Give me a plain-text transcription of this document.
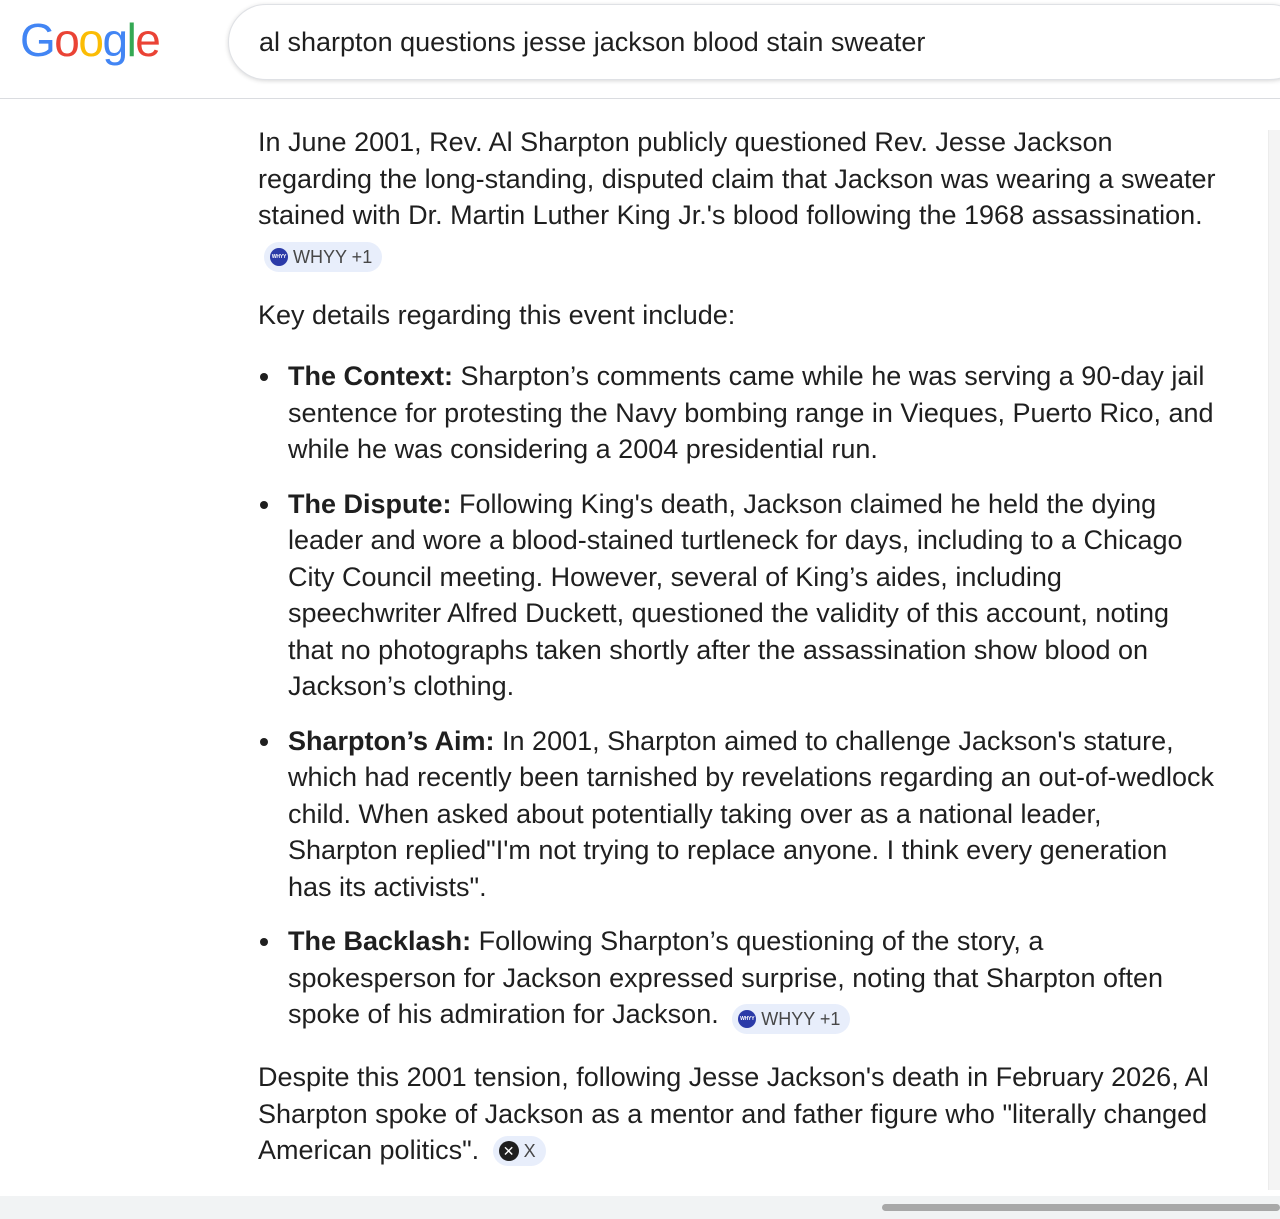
Google
al sharpton questions jesse jackson blood stain sweater

In June 2001, Rev. Al Sharpton publicly questioned Rev. Jesse Jackson regarding the long-standing, disputed claim that Jackson was wearing a sweater stained with Dr. Martin Luther King Jr.'s blood following the 1968 assassination.
WHYY WHYY +1

Key details regarding this event include:

The Context: Sharpton’s comments came while he was serving a 90-day jail sentence for protesting the Navy bombing range in Vieques, Puerto Rico, and while he was considering a 2004 presidential run.
The Dispute: Following King's death, Jackson claimed he held the dying leader and wore a blood-stained turtleneck for days, including to a Chicago City Council meeting. However, several of King’s aides, including speechwriter Alfred Duckett, questioned the validity of this account, noting that no photographs taken shortly after the assassination show blood on Jackson’s clothing.
Sharpton’s Aim: In 2001, Sharpton aimed to challenge Jackson's stature, which had recently been tarnished by revelations regarding an out-of-wedlock child. When asked about potentially taking over as a national leader, Sharpton replied"I'm not trying to replace anyone. I think every generation has its activists".
The Backlash: Following Sharpton’s questioning of the story, a spokesperson for Jackson expressed surprise, noting that Sharpton often spoke of his admiration for Jackson.	WHYY WHYY +1

Despite this 2001 tension, following Jesse Jackson's death in February 2026, Al Sharpton spoke of Jackson as a mentor and father figure who "literally changed American politics". ✕ X
